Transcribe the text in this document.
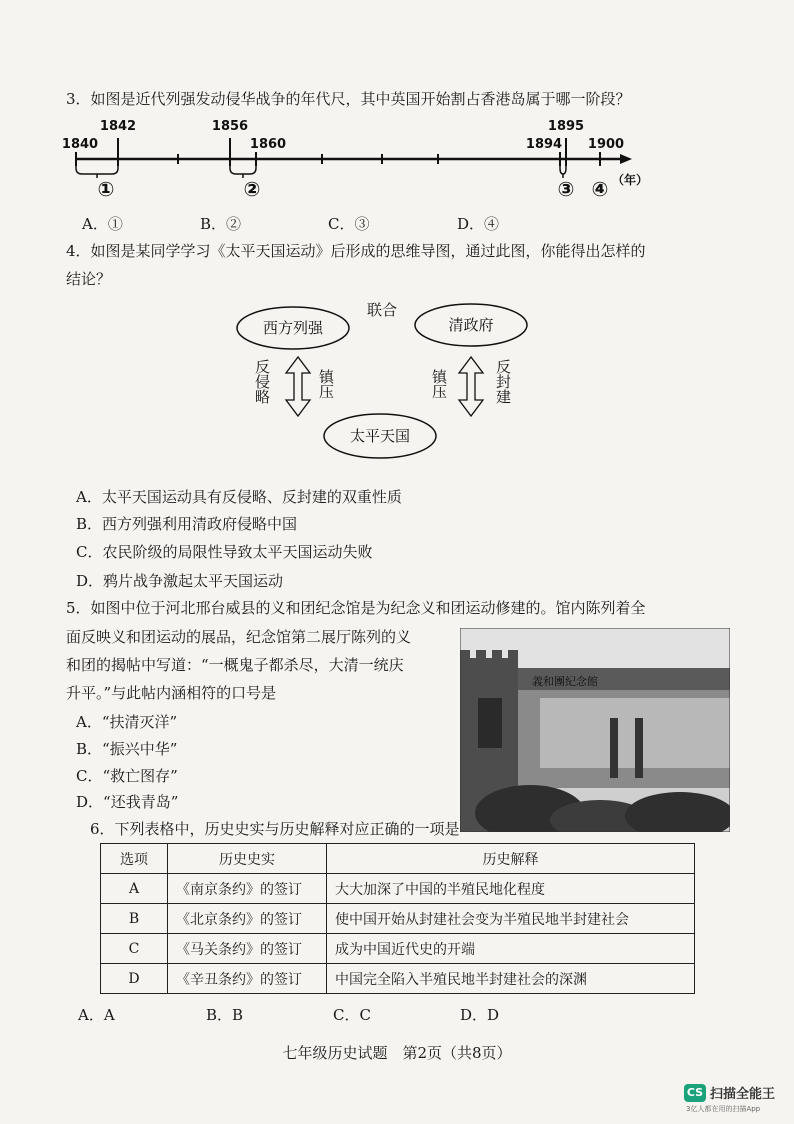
3．如图是近代列强发动侵华战争的年代尺，其中英国开始割占香港岛属于哪一阶段？
1842	1856	1895
1840	1860	1894 1900
①	②	③ ④ （年）
A．①	B．②	C．③	D．④
4．如图是某同学学习《太平天国运动》后形成的思维导图，通过此图，你能得出怎样的
结论？
西方列强	清政府
太平天国
联合
反侵略	镇压	镇压	反封建
A．太平天国运动具有反侵略、反封建的双重性质
B．西方列强利用清政府侵略中国
C．农民阶级的局限性导致太平天国运动失败
D．鸦片战争激起太平天国运动
5．如图中位于河北邢台威县的义和团纪念馆是为纪念义和团运动修建的。馆内陈列着全
面反映义和团运动的展品，纪念馆第二展厅陈列的义
和团的揭帖中写道：“一概鬼子都杀尽，大清一统庆
升平。”与此帖内涵相符的口号是
義和團紀念館
A．“扶清灭洋”
B．“振兴中华”
C．“救亡图存”
D．“还我青岛”
6．下列表格中，历史史实与历史解释对应正确的一项是
选项	历史史实	历史解释
A	《南京条约》的签订	大大加深了中国的半殖民地化程度
B	《北京条约》的签订	使中国开始从封建社会变为半殖民地半封建社会
C	《马关条约》的签订	成为中国近代史的开端
D	《辛丑条约》的签订	中国完全陷入半殖民地半封建社会的深渊
A．A	B．B	C．C	D．D
七年级历史试题　第2页（共8页）
CS 扫描全能王
3亿人都在用的扫描App
